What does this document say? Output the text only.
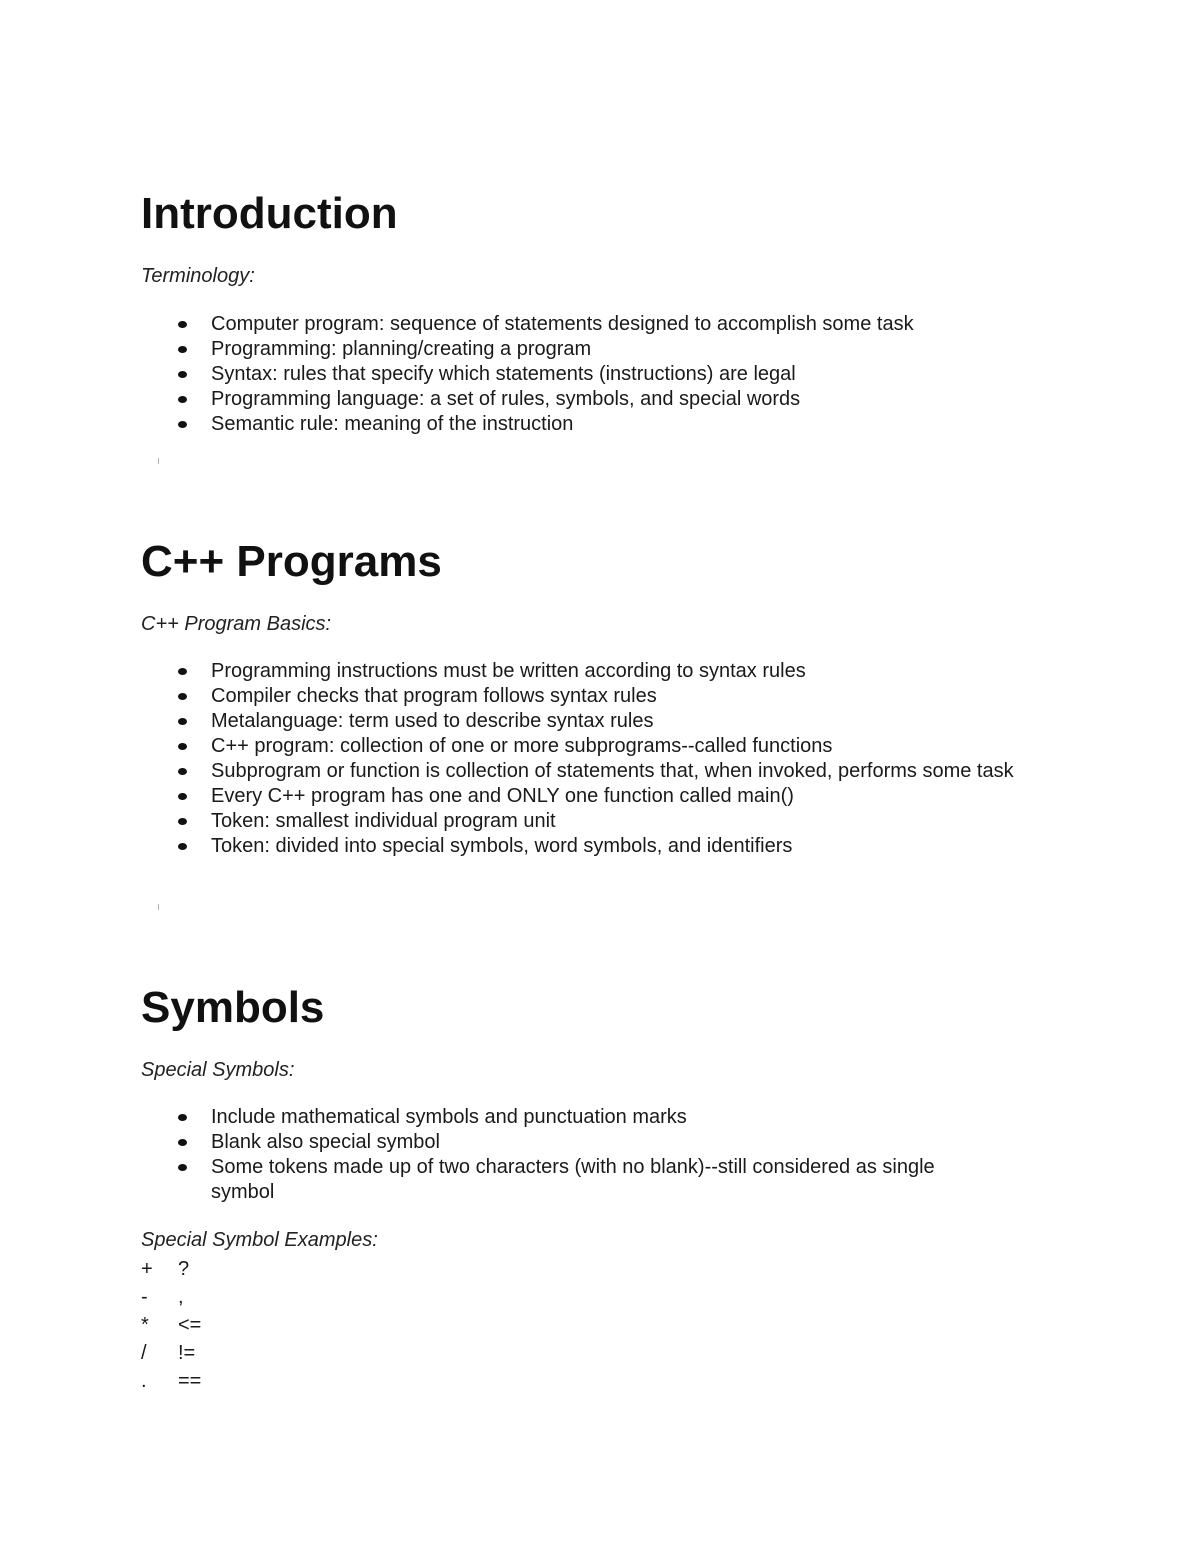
Introduction

Terminology:

Computer program: sequence of statements designed to accomplish some task
Programming: planning/creating a program
Syntax: rules that specify which statements (instructions) are legal
Programming language: a set of rules, symbols, and special words
Semantic rule: meaning of the instruction
C++ Programs

C++ Program Basics:

Programming instructions must be written according to syntax rules
Compiler checks that program follows syntax rules
Metalanguage: term used to describe syntax rules
C++ program: collection of one or more subprograms--called functions
Subprogram or function is collection of statements that, when invoked, performs some task
Every C++ program has one and ONLY one function called main()
Token: smallest individual program unit
Token: divided into special symbols, word symbols, and identifiers
Symbols

Special Symbols:

Include mathematical symbols and punctuation marks
Blank also special symbol
Some tokens made up of two characters (with no blank)--still considered as single symbol

Special Symbol Examples:

+ ?
- ,
* <=
/ !=
. ==
